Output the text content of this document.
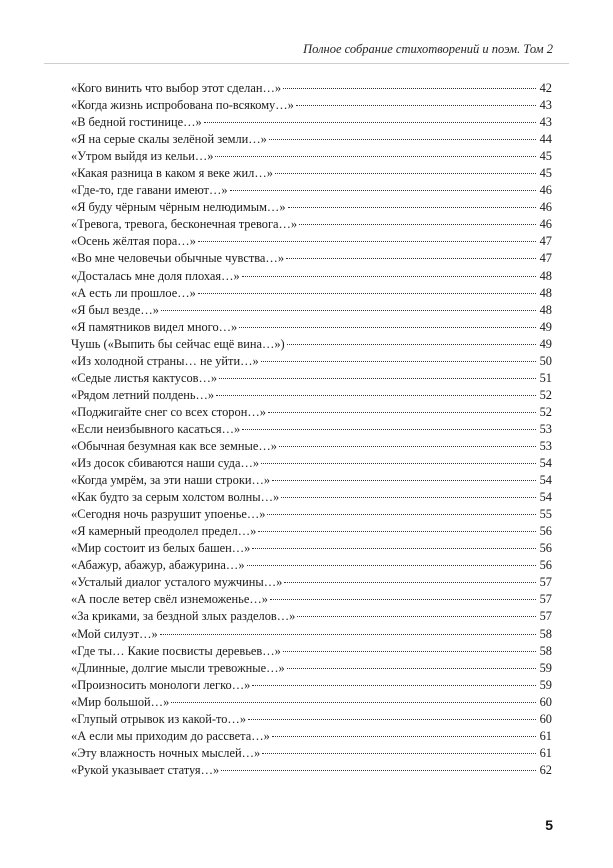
Полное собрание стихотворений и поэм. Том 2
«Кого винить что выбор этот сделан…»	42
«Когда жизнь испробована по-всякому…»	43
«В бедной гостинице…»	43
«Я на серые скалы зелёной земли…»	44
«Утром выйдя из кельи…»	45
«Какая разница в каком я веке жил…»	45
«Где-то, где гавани имеют…»	46
«Я буду чёрным чёрным нелюдимым…»	46
«Тревога, тревога, бесконечная тревога…»	46
«Осень жёлтая пора…»	47
«Во мне человечьи обычные чувства…»	47
«Досталась мне доля плохая…»	48
«А есть ли прошлое…»	48
«Я был везде…»	48
«Я памятников видел много…»	49
Чушь («Выпить бы сейчас ещё вина…»)	49
«Из холодной страны… не уйти…»	50
«Седые листья кактусов…»	51
«Рядом летний полдень…»	52
«Поджигайте снег со всех сторон…»	52
«Если неизбывного касаться…»	53
«Обычная безумная как все земные…»	53
«Из досок сбиваются наши суда…»	54
«Когда умрём, за эти наши строки…»	54
«Как будто за серым холстом волны…»	54
«Сегодня ночь разрушит упоенье…»	55
«Я камерный преодолел предел…»	56
«Мир состоит из белых башен…»	56
«Абажур, абажур, абажурина…»	56
«Усталый диалог усталого мужчины…»	57
«А после ветер свёл изнеможенье…»	57
«За криками, за бездной злых разделов…»	57
«Мой силуэт…»	58
«Где ты… Какие посвисты деревьев…»	58
«Длинные, долгие мысли тревожные…»	59
«Произносить монологи легко…»	59
«Мир большой…»	60
«Глупый отрывок из какой-то…»	60
«А если мы приходим до рассвета…»	61
«Эту влажность ночных мыслей…»	61
«Рукой указывает статуя…»	62
5
